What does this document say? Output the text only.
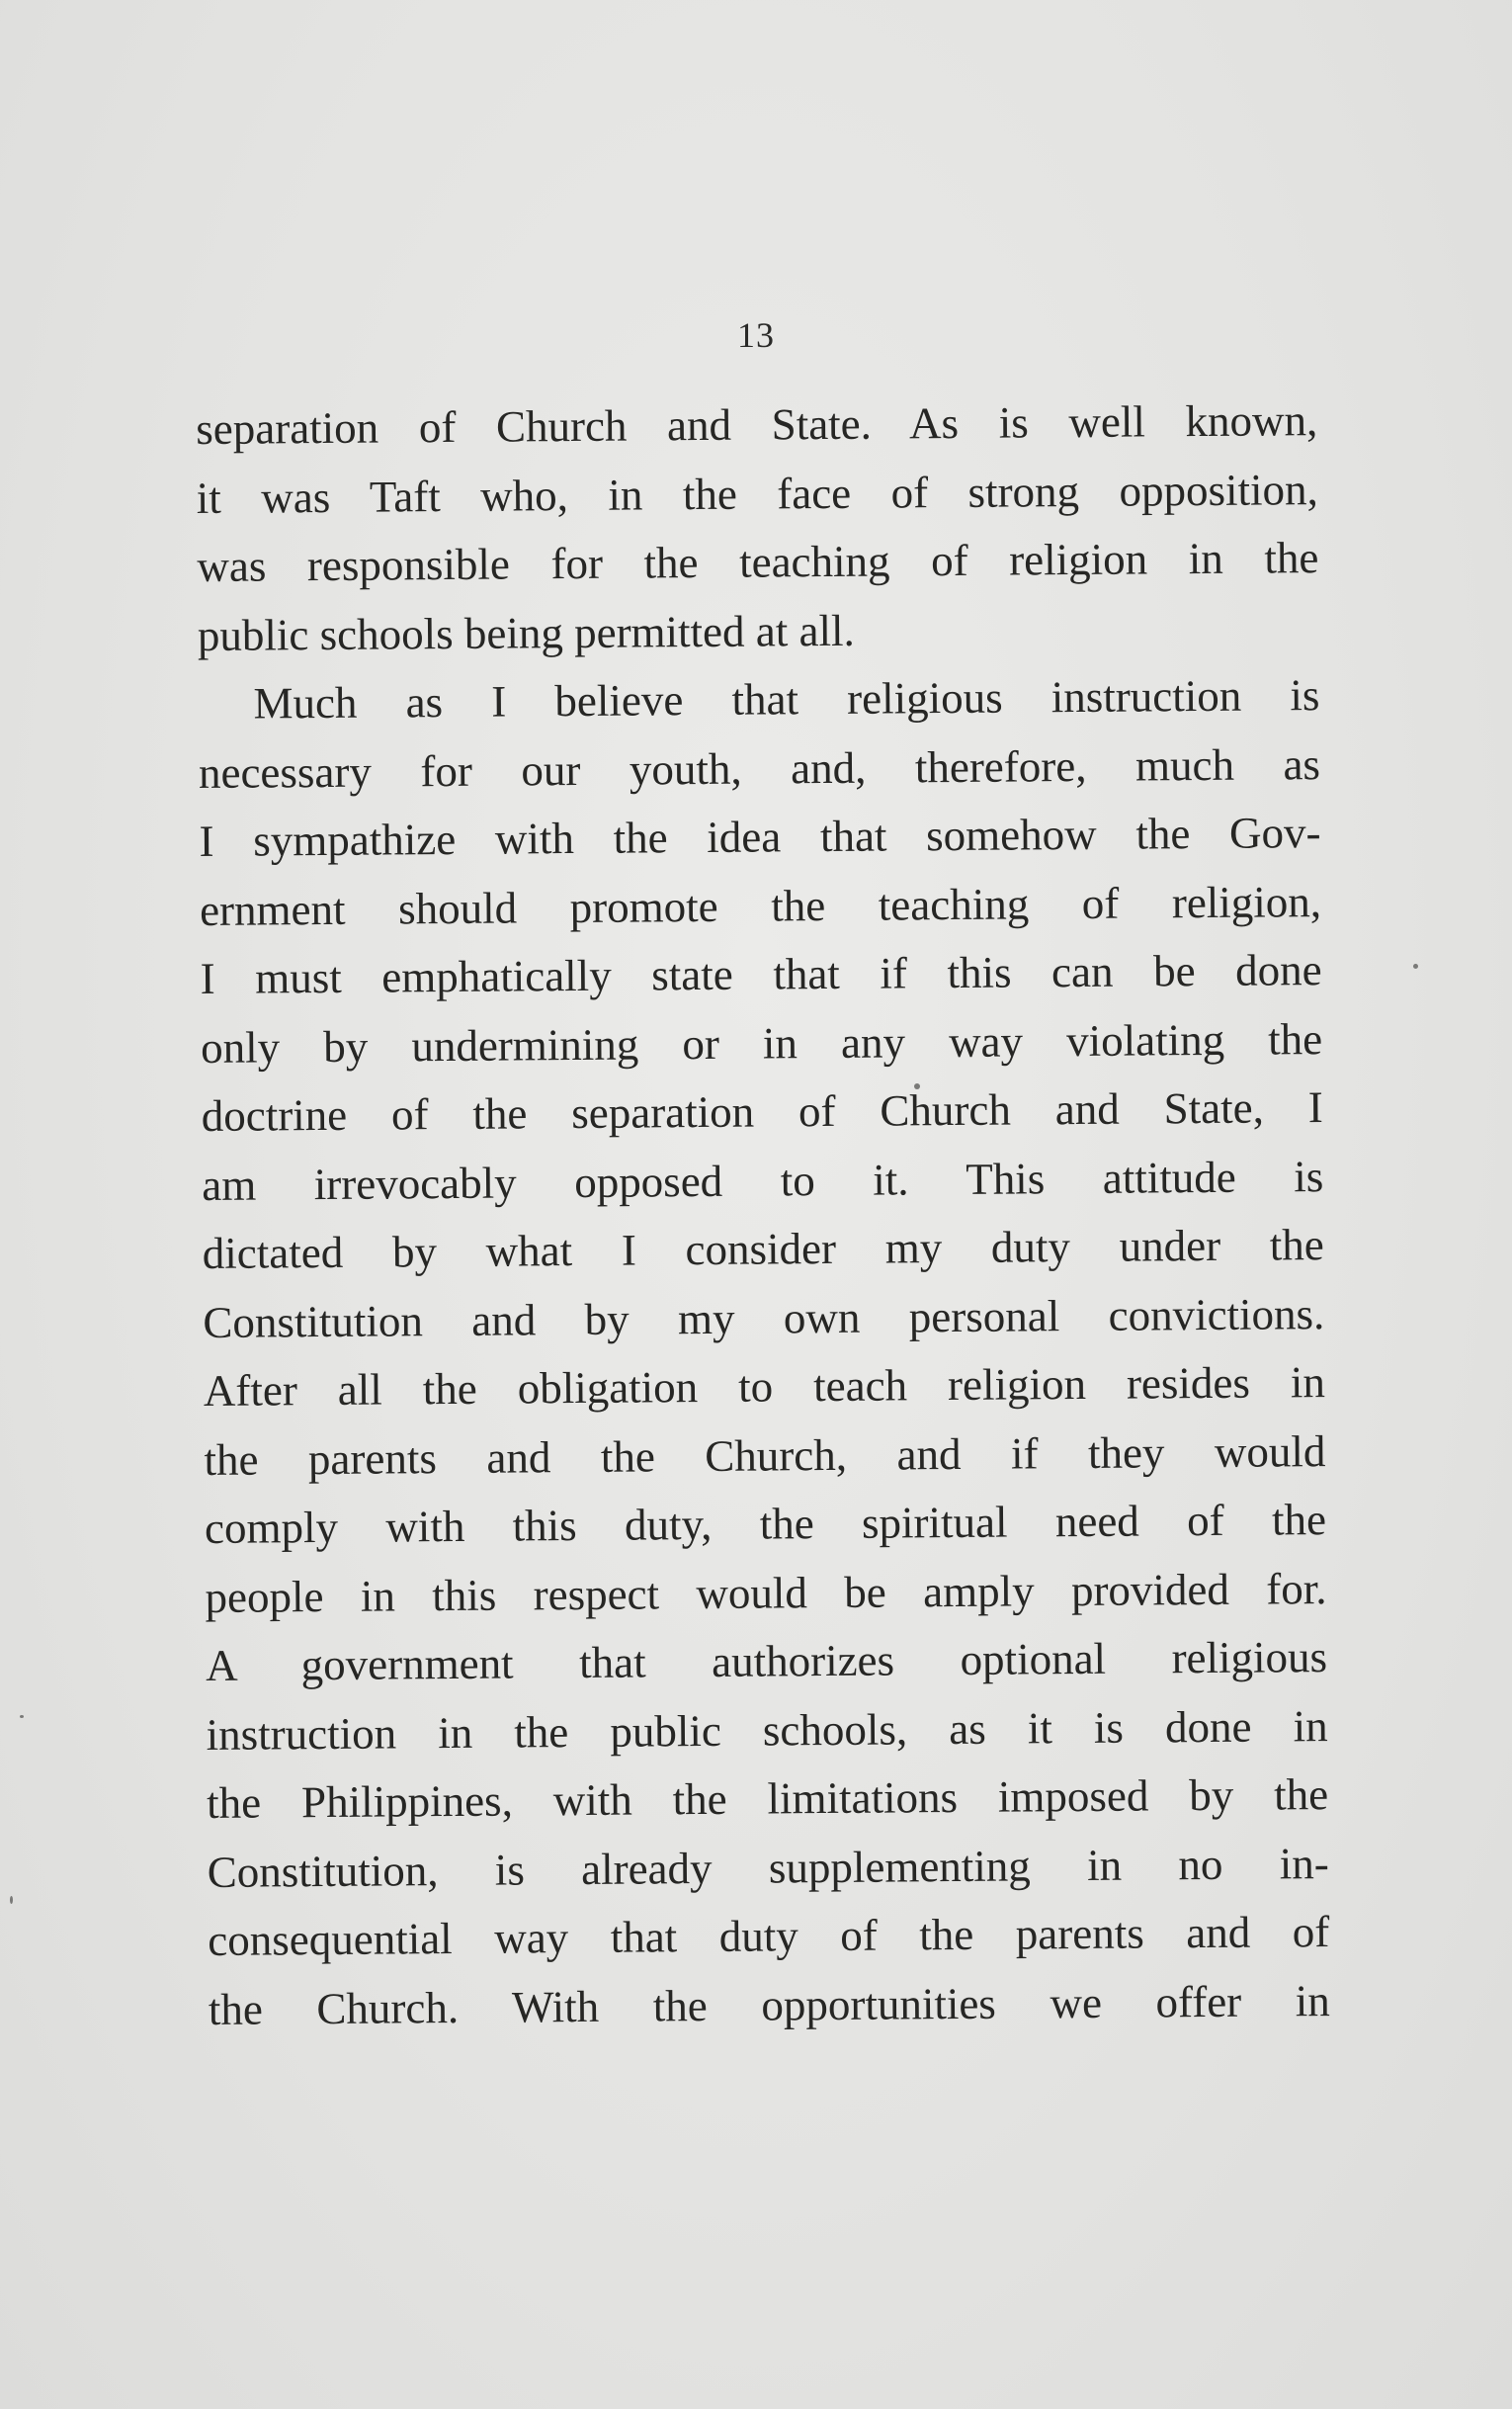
13
separation of Church and State. As is well known,
it was Taft who, in the face of strong opposition,
was responsible for the teaching of religion in the
public schools being permitted at all.
Much as I believe that religious instruction is
necessary for our youth, and, therefore, much as
I sympathize with the idea that somehow the Gov-
ernment should promote the teaching of religion,
I must emphatically state that if this can be done
only by undermining or in any way violating the
doctrine of the separation of Church and State, I
am irrevocably opposed to it. This attitude is
dictated by what I consider my duty under the
Constitution and by my own personal convictions.
After all the obligation to teach religion resides in
the parents and the Church, and if they would
comply with this duty, the spiritual need of the
people in this respect would be amply provided for.
A government that authorizes optional religious
instruction in the public schools, as it is done in
the Philippines, with the limitations imposed by the
Constitution, is already supplementing in no in-
consequential way that duty of the parents and of
the Church. With the opportunities we offer in
